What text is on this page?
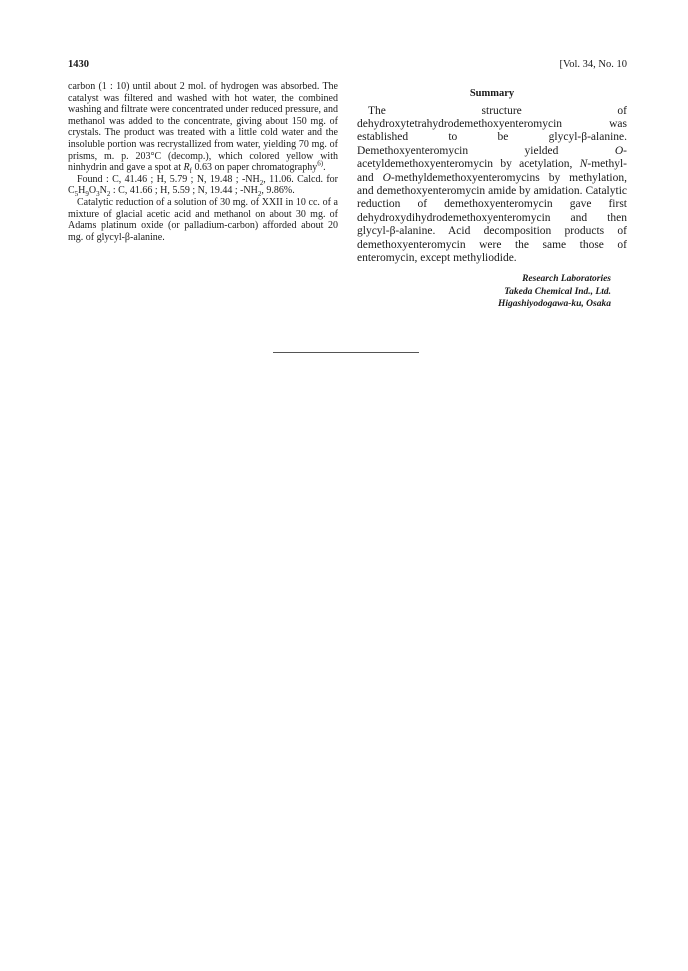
1430	[Vol. 34, No. 10

carbon (1 : 10) until about 2 mol. of hydrogen was absorbed. The catalyst was filtered and washed with hot water, the combined washing and filtrate were concentrated under reduced pressure, and methanol was added to the concentrate, giving about 150 mg. of crystals. The product was treated with a little cold water and the insoluble portion was recrystallized from water, yielding 70 mg. of prisms, m. p. 203°C (decomp.), which colored yellow with ninhydrin and gave a spot at $R_f$ 0.63 on paper chromatography$^{6)}$.

Found : C, 41.46 ; H, 5.79 ; N, 19.48 ; $-NH_2$, 11.06. Calcd. for $C_5H_9O_3N_2$ : C, 41.66 ; H, 5.59 ; N, 19.44 ; $-NH_2$, 9.86%.

Catalytic reduction of a solution of 30 mg. of XXII in 10 cc. of a mixture of glacial acetic acid and methanol on about 30 mg. of Adams platinum oxide (or palladium-carbon) afforded about 20 mg. of glycyl-β-alanine.

Summary

The structure of dehydroxytetrahydrodemethoxyenteromycin was established to be glycyl-β-alanine. Demethoxyenteromycin yielded O-acetyldemethoxyenteromycin by acetylation, N-methyl- and O-methyldemethoxyenteromycins by methylation, and demethoxyenteromycin amide by amidation. Catalytic reduction of demethoxyenteromycin gave first dehydroxydihydrodemethoxyenteromycin and then glycyl-β-alanine. Acid decomposition products of demethoxyenteromycin were the same those of enteromycin, except methyliodide.

Research Laboratories
Takeda Chemical Ind., Ltd.
Higashiyodogawa-ku, Osaka
